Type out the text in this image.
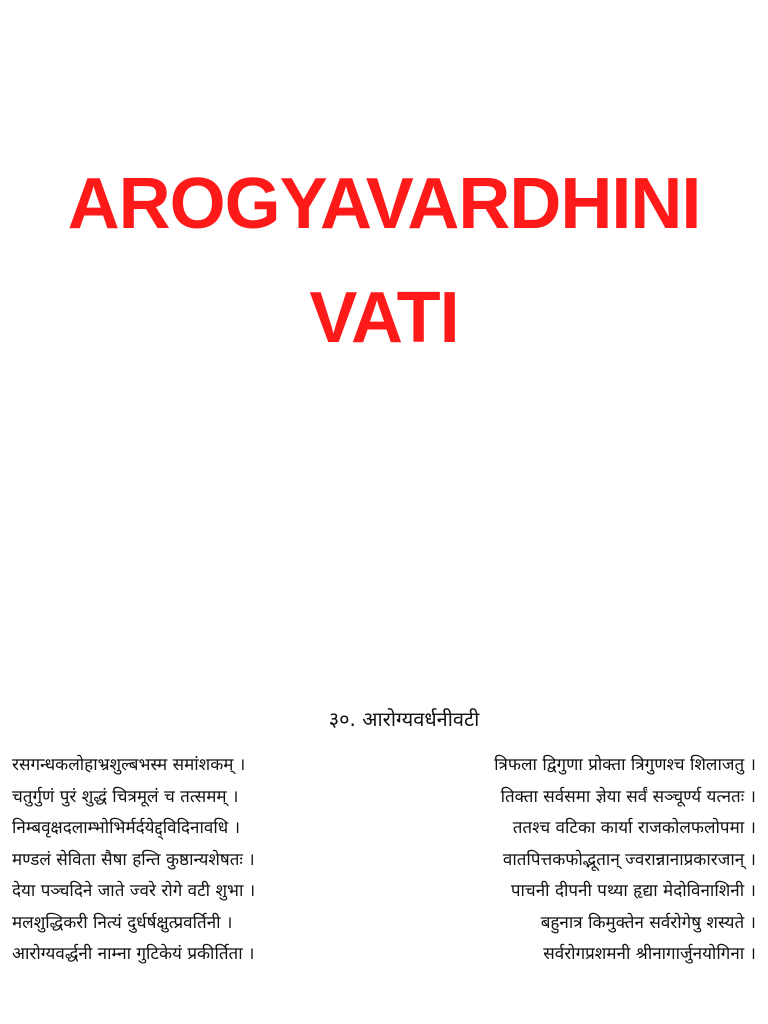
AROGYAVARDHINI
VATI
३०. आरोग्यवर्धनीवटी
रसगन्धकलोहाभ्रशुल्बभस्म समांशकम् ।	त्रिफला द्विगुणा प्रोक्ता त्रिगुणश्च शिलाजतु ।
चतुर्गुणं पुरं शुद्धं चित्रमूलं च तत्समम् ।	तिक्ता सर्वसमा ज्ञेया सर्वं सञ्चूर्ण्य यत्नतः ।
निम्बवृक्षदलाम्भोभिर्मर्दयेद्द्विदिनावधि ।	ततश्च वटिका कार्या राजकोलफलोपमा ।
मण्डलं सेविता सैषा हन्ति कुष्ठान्यशेषतः ।	वातपित्तकफोद्भूतान् ज्वरान्नानाप्रकारजान् ।
देया पञ्चदिने जाते ज्वरे रोगे वटी शुभा ।	पाचनी दीपनी पथ्या हृद्या मेदोविनाशिनी ।
मलशुद्धिकरी नित्यं दुर्धर्षक्षुत्प्रवर्तिनी ।	बहुनात्र किमुक्तेन सर्वरोगेषु शस्यते ।
आरोग्यवर्द्धनी नाम्ना गुटिकेयं प्रकीर्तिता ।	सर्वरोगप्रशमनी श्रीनागार्जुनयोगिना ।
